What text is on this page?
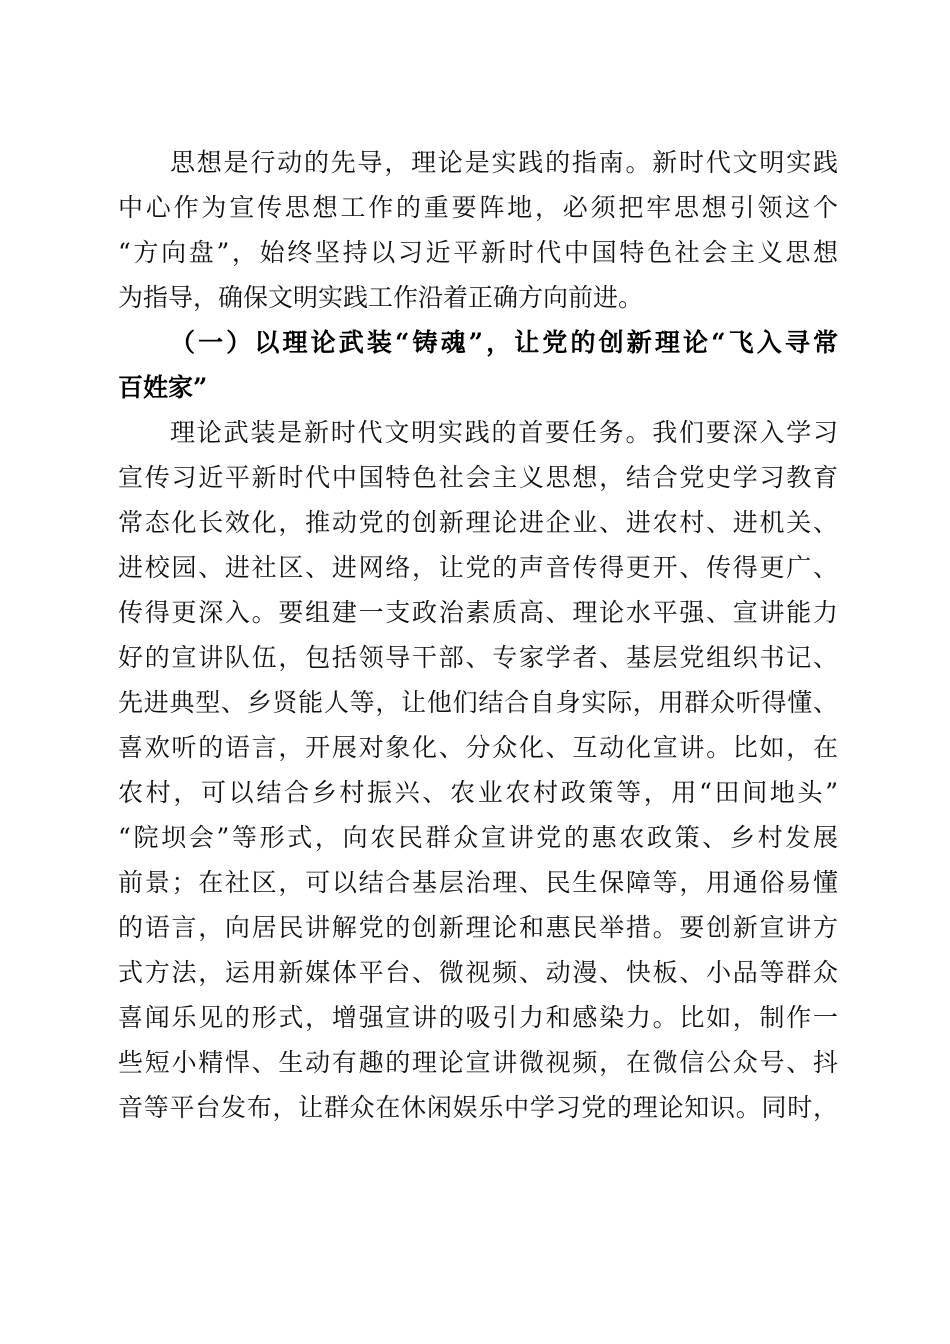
思想是行动的先导，理论是实践的指南。新时代文明实践
中心作为宣传思想工作的重要阵地，必须把牢思想引领这个
“方向盘”，始终坚持以习近平新时代中国特色社会主义思想
为指导，确保文明实践工作沿着正确方向前进。
（一）以理论武装“铸魂”，让党的创新理论“飞入寻常
百姓家”
理论武装是新时代文明实践的首要任务。我们要深入学习
宣传习近平新时代中国特色社会主义思想，结合党史学习教育
常态化长效化，推动党的创新理论进企业、进农村、进机关、
进校园、进社区、进网络，让党的声音传得更开、传得更广、
传得更深入。要组建一支政治素质高、理论水平强、宣讲能力
好的宣讲队伍，包括领导干部、专家学者、基层党组织书记、
先进典型、乡贤能人等，让他们结合自身实际，用群众听得懂、
喜欢听的语言，开展对象化、分众化、互动化宣讲。比如，在
农村，可以结合乡村振兴、农业农村政策等，用“田间地头”
“院坝会”等形式，向农民群众宣讲党的惠农政策、乡村发展
前景；在社区，可以结合基层治理、民生保障等，用通俗易懂
的语言，向居民讲解党的创新理论和惠民举措。要创新宣讲方
式方法，运用新媒体平台、微视频、动漫、快板、小品等群众
喜闻乐见的形式，增强宣讲的吸引力和感染力。比如，制作一
些短小精悍、生动有趣的理论宣讲微视频，在微信公众号、抖
音等平台发布，让群众在休闲娱乐中学习党的理论知识。同时，
